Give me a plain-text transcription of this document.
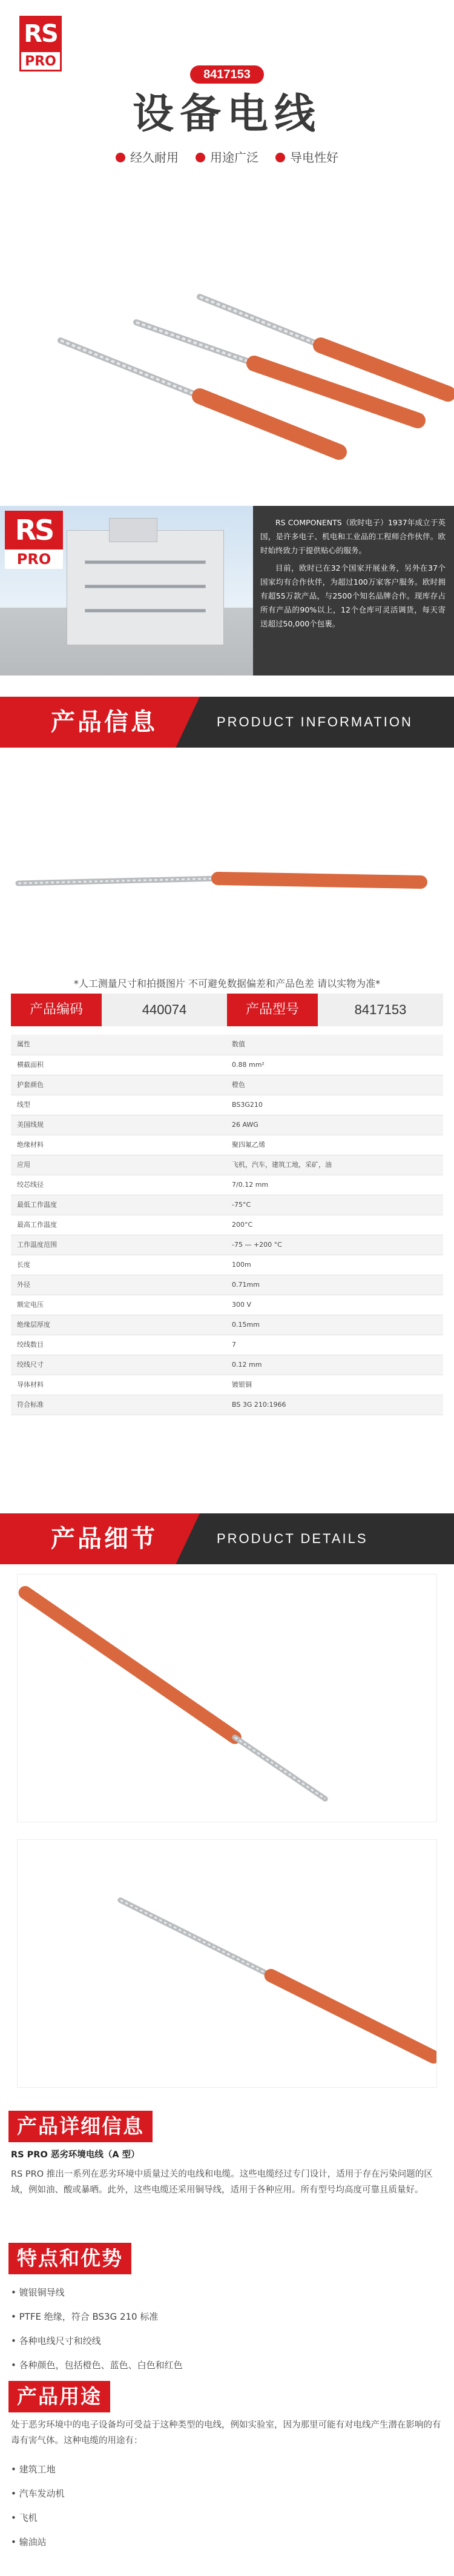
RS
PRO
8417153
设备电线
经久耐用	用途广泛	导电性好
RS
PRO

RS COMPONENTS（欧时电子）1937年成立于英国，是许多电子、机电和工业品的工程师合作伙伴。欧时始终致力于提供贴心的服务。

目前，欧时已在32个国家开展业务，另外在37个国家均有合作伙伴，为超过100万家客户服务。欧时拥有超55万款产品，与2500个知名品牌合作。现库存占所有产品的90%以上，12个仓库可灵活调货，每天寄送超过50,000个包裹。

产品信息	PRODUCT INFORMATION
*人工测量尺寸和拍摄图片 不可避免数据偏差和产品色差 请以实物为准*
产品编码	440074	产品型号	8417153
属性	数值
横截面积	0.88 mm²
护套颜色	橙色
线型	BS3G210
美国线规	26 AWG
绝缘材料	聚四氟乙烯
应用	飞机，汽车，建筑工地，采矿，油
绞芯线径	7/0.12 mm
最低工作温度	-75°C
最高工作温度	200°C
工作温度范围	-75 — +200 °C
长度	100m
外径	0.71mm
额定电压	300 V
绝缘层厚度	0.15mm
绞线数目	7
绞线尺寸	0.12 mm
导体材料	镀银铜
符合标准	BS 3G 210:1966
产品细节	PRODUCT DETAILS
产品详细信息
RS PRO 恶劣环境电线（A 型）
RS PRO 推出一系列在恶劣环境中质量过关的电线和电缆。这些电缆经过专门设计，适用于存在污染问题的区域，例如油、酸或暴晒。此外，这些电缆还采用铜导线，适用于各种应用。所有型号均高度可靠且质量好。
特点和优势
• 镀银铜导线
• PTFE 绝缘，符合 BS3G 210 标准
• 各种电线尺寸和绞线
• 各种颜色，包括橙色、蓝色、白色和红色
产品用途
处于恶劣环境中的电子设备均可受益于这种类型的电线，例如实验室，因为那里可能有对电线产生潜在影响的有毒有害气体。这种电缆的用途有：
• 建筑工地
• 汽车发动机
• 飞机
• 输油站
